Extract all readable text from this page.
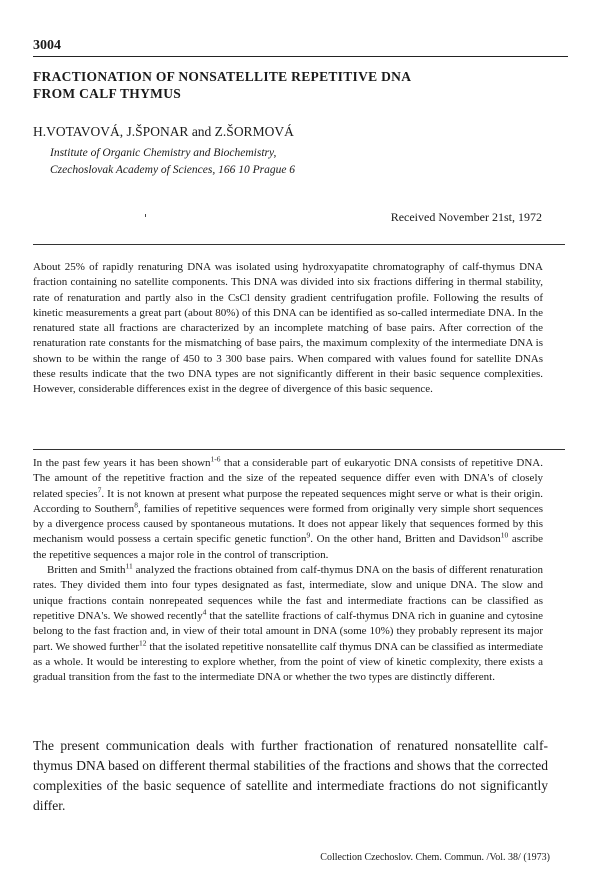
3004
FRACTIONATION OF NONSATELLITE REPETITIVE DNA
FROM CALF THYMUS
H.VOTAVOVÁ, J.ŠPONAR and Z.ŠORMOVÁ
Institute of Organic Chemistry and Biochemistry,
Czechoslovak Academy of Sciences, 166 10 Prague 6
Received November 21st, 1972
About 25% of rapidly renaturing DNA was isolated using hydroxyapatite chromatography of calf-thymus DNA fraction containing no satellite components. This DNA was divided into six fractions differing in thermal stability, rate of renaturation and partly also in the CsCl density gradient centrifugation profile. Following the results of kinetic measurements a great part (about 80%) of this DNA can be identified as so-called intermediate DNA. In the renatured state all fractions are characterized by an incomplete matching of base pairs. After correction of the renaturation rate constants for the mismatching of base pairs, the maximum complexity of the intermediate DNA is shown to be within the range of 450 to 3 300 base pairs. When compared with values found for satellite DNAs these results indicate that the two DNA types are not significantly different in their basic sequence complexities. However, considerable differences exist in the degree of divergence of this basic sequence.

In the past few years it has been shown$^{1-6}$ that a considerable part of eukaryotic DNA consists of repetitive DNA. The amount of the repetitive fraction and the size of the repeated sequence differ even with DNA's of closely related species$^7$. It is not known at present what purpose the repeated sequences might serve or what is their origin. According to Southern$^8$, families of repetitive sequences were formed from originally very simple short sequences by a divergence process caused by spontaneous mutations. It does not appear likely that sequences formed by this mechanism would possess a certain specific genetic function$^9$. On the other hand, Britten and Davidson$^{10}$ ascribe the repetitive sequences a major role in the control of transcription.

Britten and Smith$^{11}$ analyzed the fractions obtained from calf-thymus DNA on the basis of different renaturation rates. They divided them into four types designated as fast, intermediate, slow and unique DNA. The slow and unique fractions contain nonrepeated sequences while the fast and intermediate fractions can be classified as repetitive DNA's. We showed recently$^4$ that the satellite fractions of calf-thymus DNA rich in guanine and cytosine belong to the fast fraction and, in view of their total amount in DNA (some 10%) they probably represent its major part. We showed further$^{12}$ that the isolated repetitive nonsatellite calf thymus DNA can be classified as intermediate as a whole. It would be interesting to explore whether, from the point of view of kinetic complexity, there exists a gradual transition from the fast to the intermediate DNA or whether the two types are distinctly different.

The present communication deals with further fractionation of renatured nonsatellite calf-thymus DNA based on different thermal stabilities of the fractions and shows that the corrected complexities of the basic sequence of satellite and intermediate fractions do not significantly differ.
Collection Czechoslov. Chem. Commun. /Vol. 38/ (1973)
